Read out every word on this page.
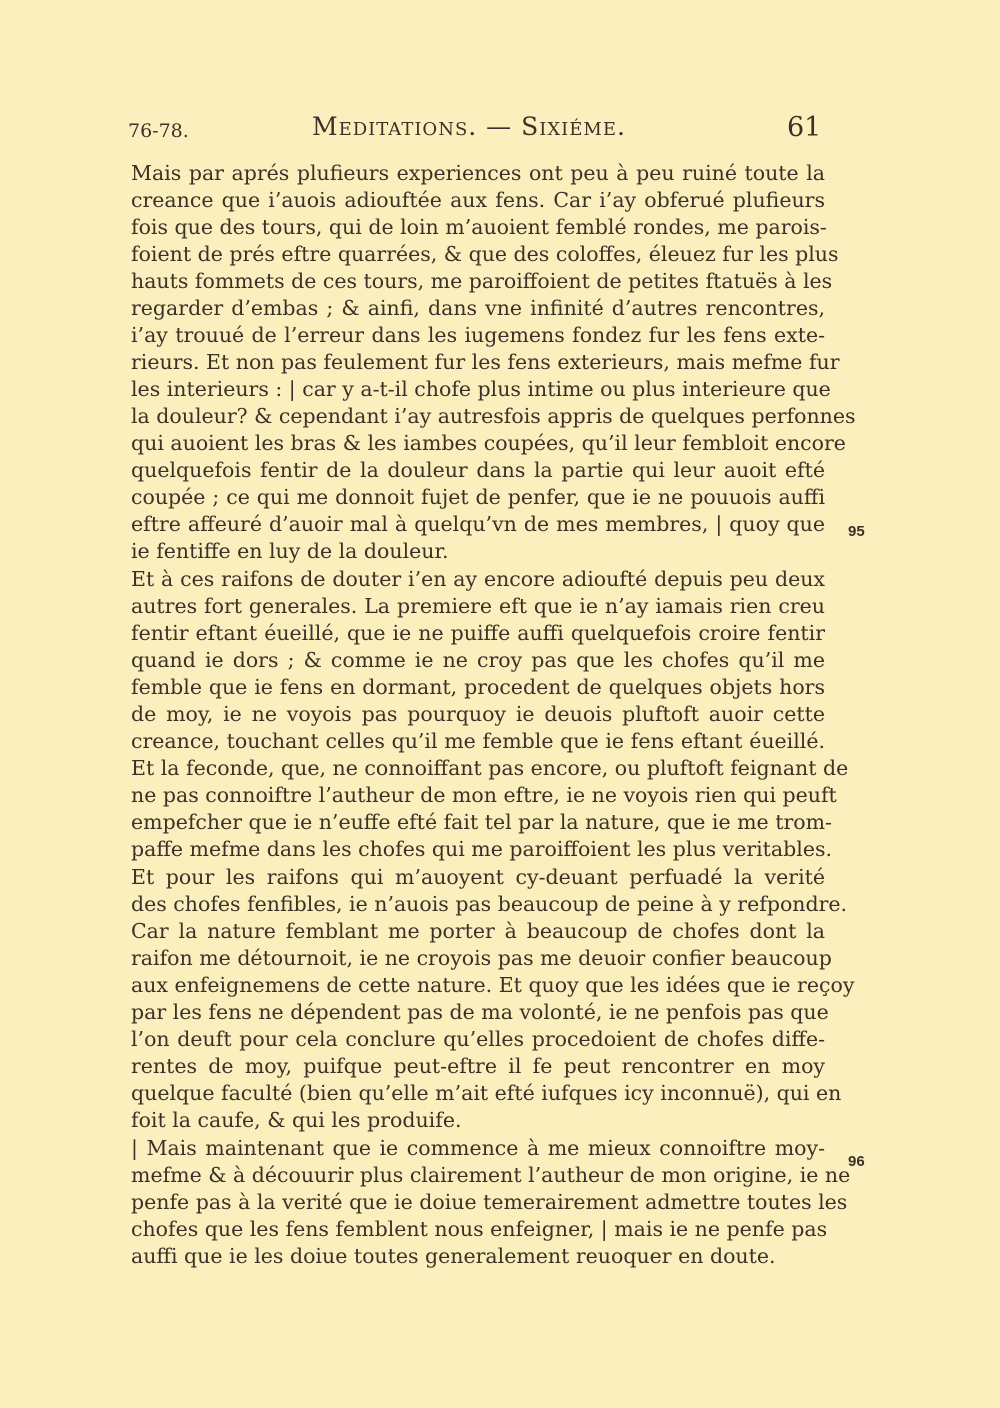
76-78.	Meditations. — Sixiéme.	61
Mais par aprés plufieurs experiences ont peu à peu ruiné toute la
creance que i’auois adiouftée aux fens. Car i’ay obferué plufieurs
fois que des tours, qui de loin m’auoient femblé rondes, me parois-
foient de prés eftre quarrées, & que des coloffes, éleuez fur les plus
hauts fommets de ces tours, me paroiffoient de petites ftatuës à les
regarder d’embas ; & ainfi, dans vne infinité d’autres rencontres,
i’ay trouué de l’erreur dans les iugemens fondez fur les fens exte-
rieurs. Et non pas feulement fur les fens exterieurs, mais mefme fur
les interieurs : | car y a-t-il chofe plus intime ou plus interieure que
la douleur? & cependant i’ay autresfois appris de quelques perfonnes
qui auoient les bras & les iambes coupées, qu’il leur fembloit encore
quelquefois fentir de la douleur dans la partie qui leur auoit efté
coupée ; ce qui me donnoit fujet de penfer, que ie ne pouuois auffi
eftre affeuré d’auoir mal à quelqu’vn de mes membres, | quoy que
ie fentiffe en luy de la douleur.
Et à ces raifons de douter i’en ay encore adioufté depuis peu deux
autres fort generales. La premiere eft que ie n’ay iamais rien creu
fentir eftant éueillé, que ie ne puiffe auffi quelquefois croire fentir
quand ie dors ; & comme ie ne croy pas que les chofes qu’il me
femble que ie fens en dormant, procedent de quelques objets hors
de moy, ie ne voyois pas pourquoy ie deuois pluftoft auoir cette
creance, touchant celles qu’il me femble que ie fens eftant éueillé.
Et la feconde, que, ne connoiffant pas encore, ou pluftoft feignant de
ne pas connoiftre l’autheur de mon eftre, ie ne voyois rien qui peuft
empefcher que ie n’euffe efté fait tel par la nature, que ie me trom-
paffe mefme dans les chofes qui me paroiffoient les plus veritables.
Et pour les raifons qui m’auoyent cy-deuant perfuadé la verité
des chofes fenfibles, ie n’auois pas beaucoup de peine à y refpondre.
Car la nature femblant me porter à beaucoup de chofes dont la
raifon me détournoit, ie ne croyois pas me deuoir confier beaucoup
aux enfeignemens de cette nature. Et quoy que les idées que ie reçoy
par les fens ne dépendent pas de ma volonté, ie ne penfois pas que
l’on deuft pour cela conclure qu’elles procedoient de chofes diffe-
rentes de moy, puifque peut-eftre il fe peut rencontrer en moy
quelque faculté (bien qu’elle m’ait efté iufques icy inconnuë), qui en
foit la caufe, & qui les produife.
| Mais maintenant que ie commence à me mieux connoiftre moy-
mefme & à découurir plus clairement l’autheur de mon origine, ie ne
penfe pas à la verité que ie doiue temerairement admettre toutes les
chofes que les fens femblent nous enfeigner, | mais ie ne penfe pas
auffi que ie les doiue toutes generalement reuoquer en doute.
95
96
